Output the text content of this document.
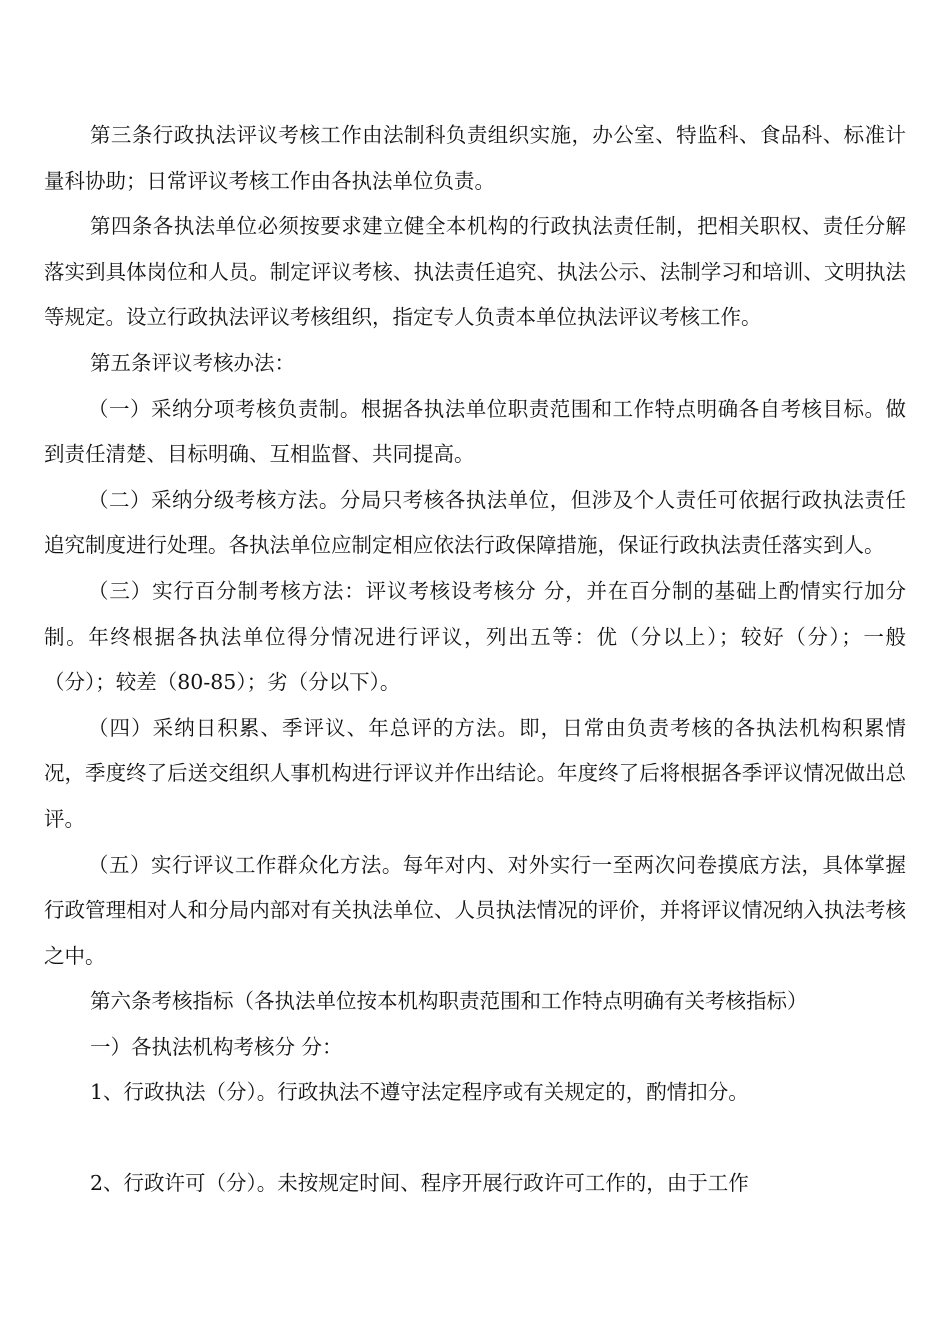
第三条行政执法评议考核工作由法制科负责组织实施，办公室、特监科、食品科、标准计量科协助；日常评议考核工作由各执法单位负责。

第四条各执法单位必须按要求建立健全本机构的行政执法责任制，把相关职权、责任分解落实到具体岗位和人员。制定评议考核、执法责任追究、执法公示、法制学习和培训、文明执法等规定。设立行政执法评议考核组织，指定专人负责本单位执法评议考核工作。

第五条评议考核办法：

（一）采纳分项考核负责制。根据各执法单位职责范围和工作特点明确各自考核目标。做到责任清楚、目标明确、互相监督、共同提高。

（二）采纳分级考核方法。分局只考核各执法单位，但涉及个人责任可依据行政执法责任追究制度进行处理。各执法单位应制定相应依法行政保障措施，保证行政执法责任落实到人。

（三）实行百分制考核方法：评议考核设考核分 分，并在百分制的基础上酌情实行加分制。年终根据各执法单位得分情况进行评议，列出五等：优（分以上）；较好（分）；一般（分）；较差（80-85）；劣（分以下）。

（四）采纳日积累、季评议、年总评的方法。即，日常由负责考核的各执法机构积累情况，季度终了后送交组织人事机构进行评议并作出结论。年度终了后将根据各季评议情况做出总评。

（五）实行评议工作群众化方法。每年对内、对外实行一至两次问卷摸底方法，具体掌握行政管理相对人和分局内部对有关执法单位、人员执法情况的评价，并将评议情况纳入执法考核之中。

第六条考核指标（各执法单位按本机构职责范围和工作特点明确有关考核指标）

一）各执法机构考核分 分：

1、行政执法（分）。行政执法不遵守法定程序或有关规定的，酌情扣分。

2、行政许可（分）。未按规定时间、程序开展行政许可工作的，由于工作
